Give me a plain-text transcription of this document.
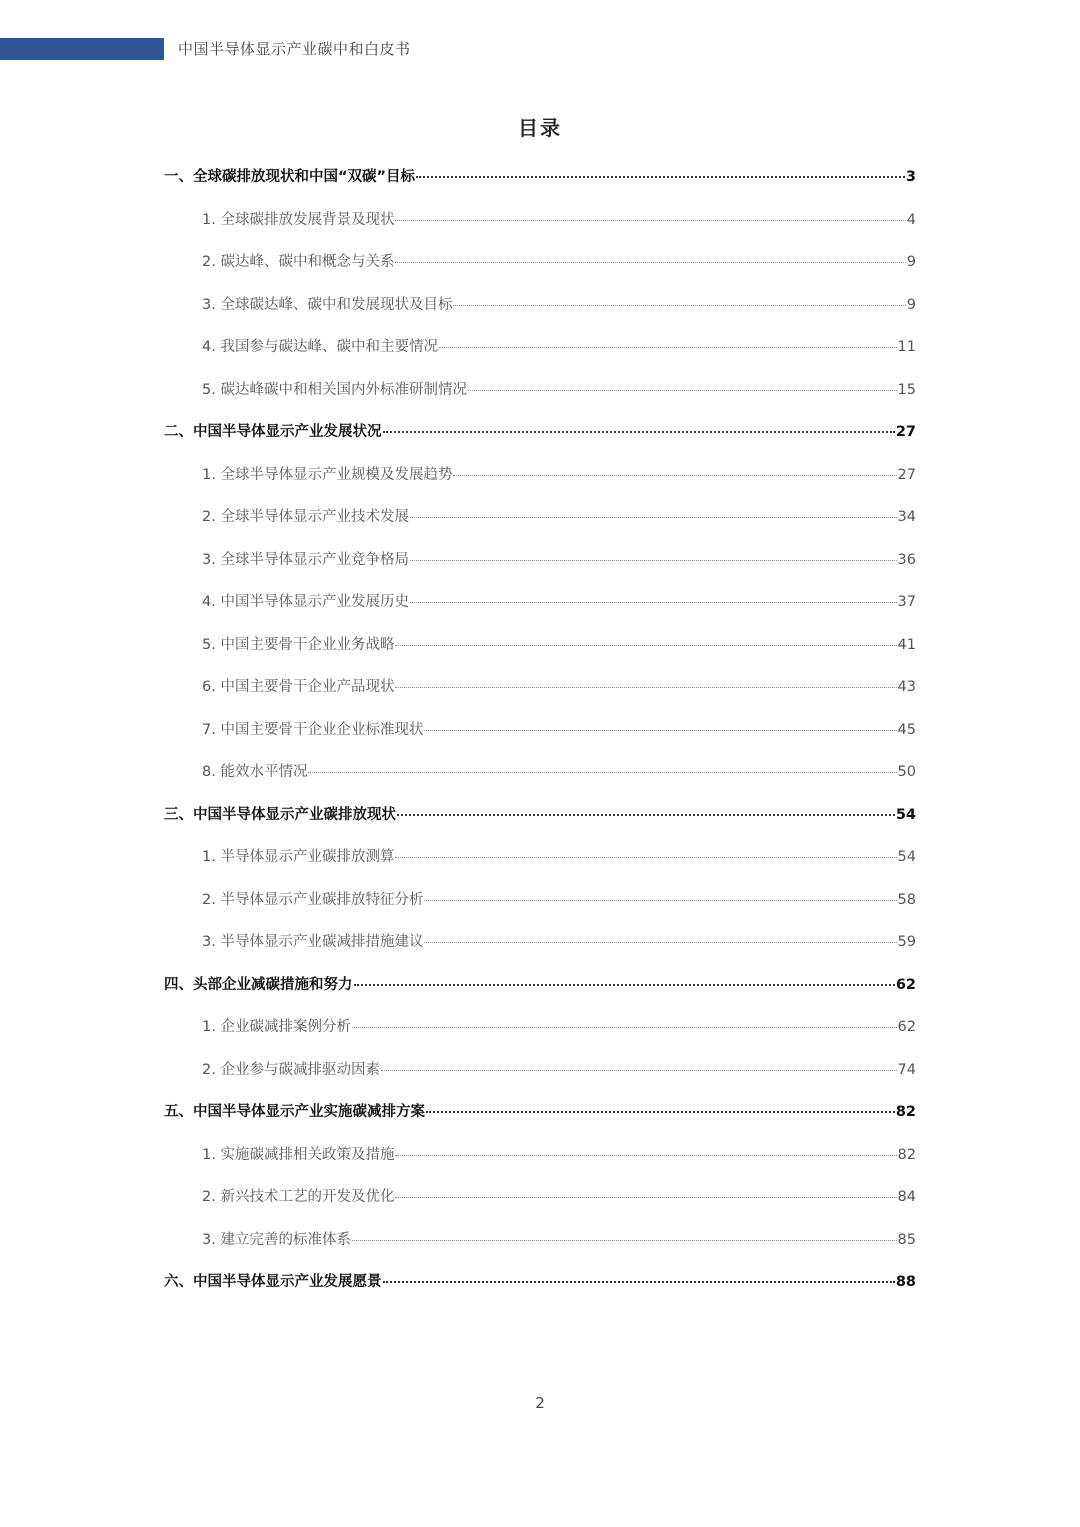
中国半导体显示产业碳中和白皮书
目录
一、全球碳排放现状和中国“双碳”目标	3
1. 全球碳排放发展背景及现状	4
2. 碳达峰、碳中和概念与关系	9
3. 全球碳达峰、碳中和发展现状及目标	9
4. 我国参与碳达峰、碳中和主要情况	11
5. 碳达峰碳中和相关国内外标准研制情况	15
二、中国半导体显示产业发展状况	27
1. 全球半导体显示产业规模及发展趋势	27
2. 全球半导体显示产业技术发展	34
3. 全球半导体显示产业竞争格局	36
4. 中国半导体显示产业发展历史	37
5. 中国主要骨干企业业务战略	41
6. 中国主要骨干企业产品现状	43
7. 中国主要骨干企业企业标准现状	45
8. 能效水平情况	50
三、中国半导体显示产业碳排放现状	54
1. 半导体显示产业碳排放测算	54
2. 半导体显示产业碳排放特征分析	58
3. 半导体显示产业碳减排措施建议	59
四、头部企业减碳措施和努力	62
1. 企业碳减排案例分析	62
2. 企业参与碳减排驱动因素	74
五、中国半导体显示产业实施碳减排方案	82
1. 实施碳减排相关政策及措施	82
2. 新兴技术工艺的开发及优化	84
3. 建立完善的标准体系	85
六、中国半导体显示产业发展愿景	88
2
